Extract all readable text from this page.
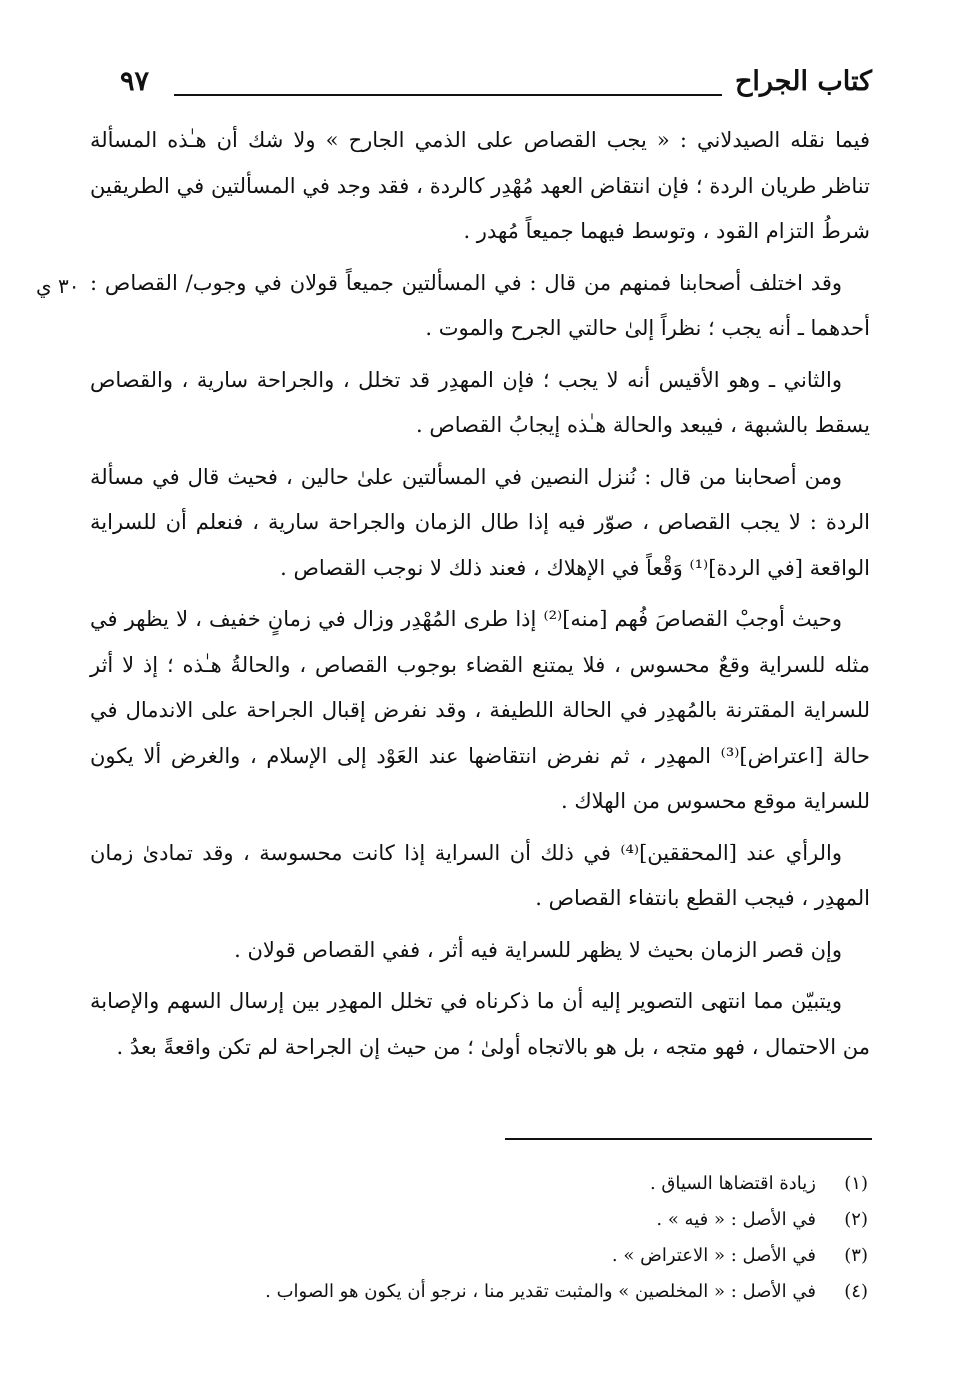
كتاب الجراح
٩٧
٣٠ ي

فيما نقله الصيدلاني : « يجب القصاص على الذمي الجارح » ولا شك أن هـٰذه المسألة تناظر طريان الردة ؛ فإن انتقاض العهد مُهْدِر كالردة ، فقد وجد في المسألتين في الطريقين شرطُ التزام القود ، وتوسط فيهما جميعاً مُهدر .

وقد اختلف أصحابنا فمنهم من قال : في المسألتين جميعاً قولان في وجوب/ القصاص : أحدهما ـ أنه يجب ؛ نظراً إلىٰ حالتي الجرح والموت .

والثاني ـ وهو الأقيس أنه لا يجب ؛ فإن المهدِر قد تخلل ، والجراحة سارية ، والقصاص يسقط بالشبهة ، فيبعد والحالة هـٰذه إيجابُ القصاص .

ومن أصحابنا من قال : نُنزل النصين في المسألتين علىٰ حالين ، فحيث قال في مسألة الردة : لا يجب القصاص ، صوّر فيه إذا طال الزمان والجراحة سارية ، فنعلم أن للسراية الواقعة [في الردة]⁽¹⁾ وَقْعاً في الإهلاك ، فعند ذلك لا نوجب القصاص .

وحيث أوجبْ القصاصَ فُهم [منه]⁽²⁾ إذا طرى المُهْدِر وزال في زمانٍ خفيف ، لا يظهر في مثله للسراية وقعٌ محسوس ، فلا يمتنع القضاء بوجوب القصاص ، والحالةُ هـٰذه ؛ إذ لا أثر للسراية المقترنة بالمُهدِر في الحالة اللطيفة ، وقد نفرض إقبال الجراحة على الاندمال في حالة [اعتراض]⁽³⁾ المهدِر ، ثم نفرض انتقاضها عند العَوْد إلى الإسلام ، والغرض ألا يكون للسراية موقع محسوس من الهلاك .

والرأي عند [المحققين]⁽⁴⁾ في ذلك أن السراية إذا كانت محسوسة ، وقد تمادىٰ زمان المهدِر ، فيجب القطع بانتفاء القصاص .

وإن قصر الزمان بحيث لا يظهر للسراية فيه أثر ، ففي القصاص قولان .

ويتبيّن مما انتهى التصوير إليه أن ما ذكرناه في تخلل المهدِر بين إرسال السهم والإصابة من الاحتمال ، فهو متجه ، بل هو بالاتجاه أولىٰ ؛ من حيث إن الجراحة لم تكن واقعةً بعدُ .

(١)
زيادة اقتضاها السياق .
(٢)
في الأصل : « فيه » .
(٣)
في الأصل : « الاعتراض » .
(٤)
في الأصل : « المخلصين » والمثبت تقدير منا ، نرجو أن يكون هو الصواب .
